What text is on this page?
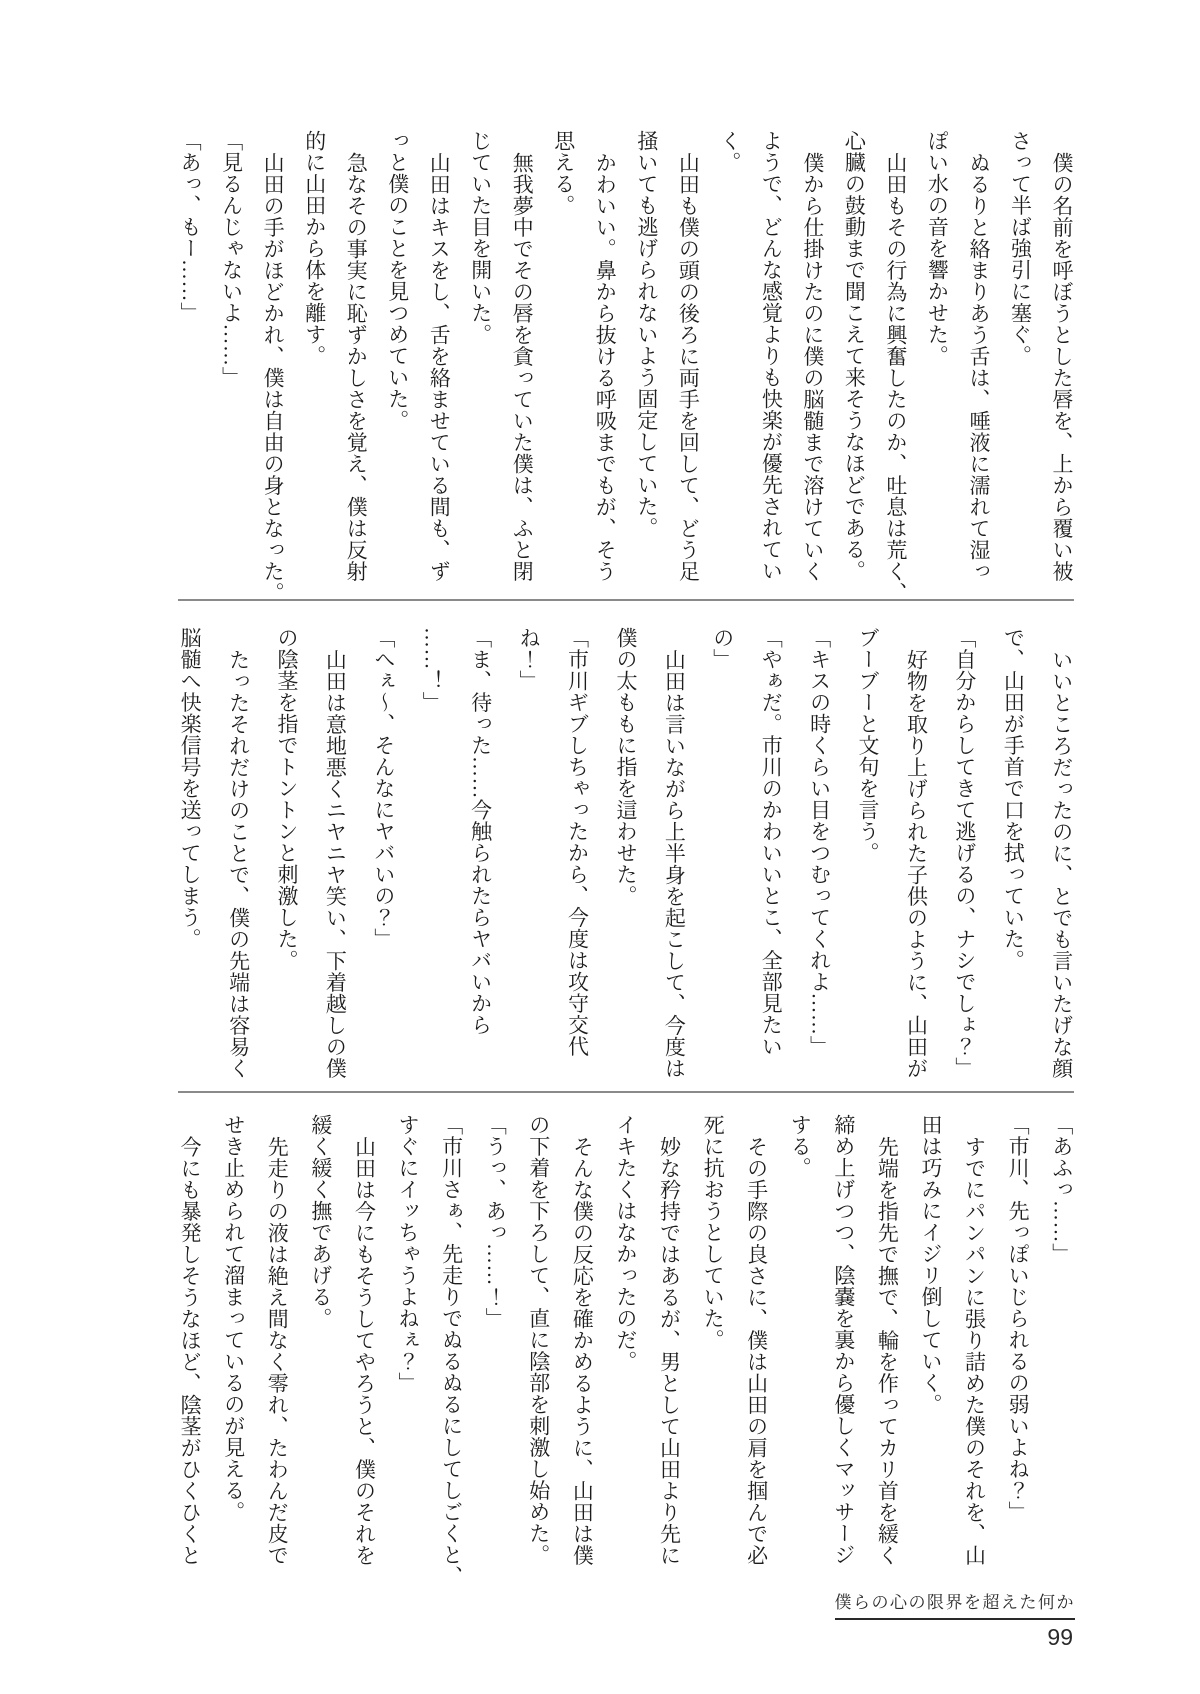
僕の名前を呼ぼうとした唇を、上から覆い被
さって半ば強引に塞ぐ。
ぬるりと絡まりあう舌は、唾液に濡れて湿っ
ぽい水の音を響かせた。
山田もその行為に興奮したのか、吐息は荒く、
心臓の鼓動まで聞こえて来そうなほどである。
僕から仕掛けたのに僕の脳髄まで溶けていく
ようで、どんな感覚よりも快楽が優先されてい
く。
山田も僕の頭の後ろに両手を回して、どう足
掻いても逃げられないよう固定していた。
かわいい。鼻から抜ける呼吸までもが、そう
思える。
無我夢中でその唇を貪っていた僕は、ふと閉
じていた目を開いた。
山田はキスをし、舌を絡ませている間も、ず
っと僕のことを見つめていた。
急なその事実に恥ずかしさを覚え、僕は反射
的に山田から体を離す。
山田の手がほどかれ、僕は自由の身となった。
「見るんじゃないよ……」
「あっ、もー……」
いいところだったのに、とでも言いたげな顔
で、山田が手首で口を拭っていた。
「自分からしてきて逃げるの、ナシでしょ？」
好物を取り上げられた子供のように、山田が
ブーブーと文句を言う。
「キスの時くらい目をつむってくれよ……」
「やぁだ。市川のかわいいとこ、全部見たい
の」
山田は言いながら上半身を起こして、今度は
僕の太ももに指を這わせた。
「市川ギブしちゃったから、今度は攻守交代
ね！」
「ま、待った……今触られたらヤバいから
……！」
「へぇ〜、そんなにヤバいの？」
山田は意地悪くニヤニヤ笑い、下着越しの僕
の陰茎を指でトントンと刺激した。
たったそれだけのことで、僕の先端は容易く
脳髄へ快楽信号を送ってしまう。
「あふっ……」
「市川、先っぽいじられるの弱いよね？」
すでにパンパンに張り詰めた僕のそれを、山
田は巧みにイジリ倒していく。
先端を指先で撫で、輪を作ってカリ首を緩く
締め上げつつ、陰嚢を裏から優しくマッサージ
する。
その手際の良さに、僕は山田の肩を掴んで必
死に抗おうとしていた。
妙な矜持ではあるが、男として山田より先に
イキたくはなかったのだ。
そんな僕の反応を確かめるように、山田は僕
の下着を下ろして、直に陰部を刺激し始めた。
「うっ、あっ……！」
「市川さぁ、先走りでぬるぬるにしてしごくと、
すぐにイッちゃうよねぇ？」
山田は今にもそうしてやろうと、僕のそれを
緩く緩く撫であげる。
先走りの液は絶え間なく零れ、たわんだ皮で
せき止められて溜まっているのが見える。
今にも暴発しそうなほど、陰茎がひくひくと
僕らの心の限界を超えた何か
99
